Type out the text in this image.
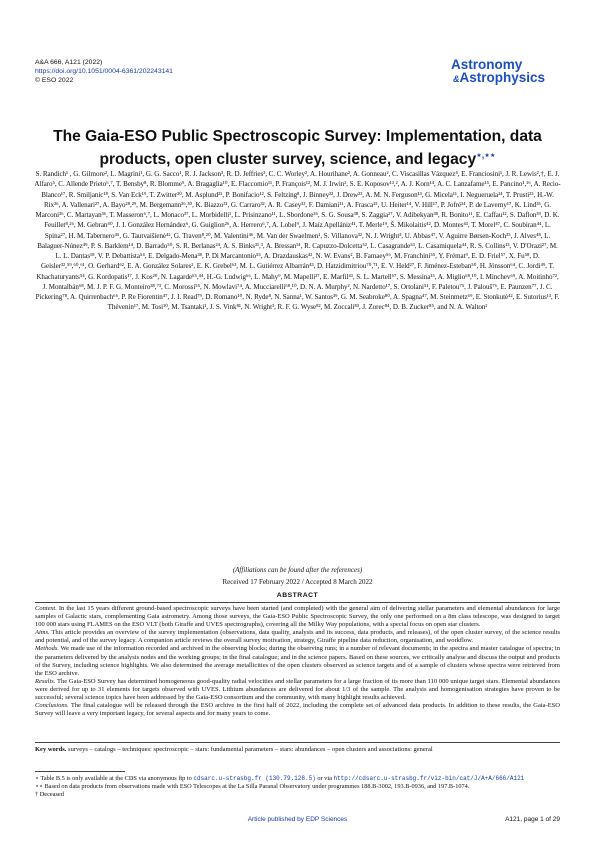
A&A 666, A121 (2022)
https://doi.org/10.1051/0004-6361/202243141
© ESO 2022
Astronomy
&Astrophysics
The Gaia-ESO Public Spectroscopic Survey: Implementation, data products, open cluster survey, science, and legacy⋆,⋆⋆
S. Randich¹ , G. Gilmore², L. Magrini¹, G. G. Sacco¹, R. J. Jackson³, R. D. Jeffries³, C. C. Worley², A. Hourihane², A. Gonneau², C. Viscasillas Vázquez⁴, E. Franciosini¹, J. R. Lewis²,†, E. J. Alfaro⁵, C. Allende Prieto⁶,⁷, T. Bensby⁸, R. Blomme⁹, A. Bragaglia¹⁰, E. Flaccomio¹¹, P. François¹², M. J. Irwin², S. E. Koposov¹³,², A. J. Korn¹⁴, A. C. Lanzafame¹⁵, E. Pancino¹,¹⁶, A. Recio-Blanco¹⁷, R. Smiljanic¹⁸, S. Van Eck¹⁹, T. Zwitter²⁰, M. Asplund²¹, P. Bonifacio¹², S. Feltzing⁸, J. Binney²², J. Drew²³, A. M. N. Ferguson¹³, G. Micela¹¹, I. Negueruela²⁴, T. Prusti²⁵, H.-W. Rix²⁶, A. Vallenari²⁷, A. Bayo²⁸,²⁹, M. Bergemann²⁶,³⁰, K. Biazzo³¹, G. Carraro³², A. R. Casey³³, F. Damiani¹¹, A. Frasca¹⁵, U. Heiter¹⁴, V. Hill¹⁷, P. Jofré³⁴, P. de Laverny¹⁷, K. Lind³⁵, G. Marconi³⁶, C. Martayan³⁶, T. Masseron⁶,⁷, L. Monaco³⁷, L. Morbidelli¹, L. Prisinzano¹¹, L. Sbordone³⁶, S. G. Sousa³⁸, S. Zaggia²⁷, V. Adibekyan³⁸, R. Bonito¹¹, E. Caffau¹², S. Daflon³⁹, D. K. Feuillet⁸,²⁶, M. Gebran⁴⁰, J. I. González Hernández⁶, G. Guiglion²⁶, A. Herrero⁶,⁷, A. Lobel⁹, J. Maíz Apellániz⁴¹, T. Merle¹⁹, Š. Mikolaitis⁴², D. Montes⁴³, T. Morel⁴⁷, C. Soubiran⁴⁴, L. Spina²⁷, H. M. Tabernero⁴⁵, G. Tautvaišienė⁴², G. Traven⁸,²⁰, M. Valentini⁴⁶, M. Van der Swaelmen¹, S. Villanova³², N. J. Wright³, U. Abbas⁴⁷, V. Aguirre Børsen-Koch³⁵, J. Alves⁴⁸, L. Balaguer-Núnez⁴⁹, P. S. Barklem¹⁴, D. Barrado⁵⁰, S. R. Berlanas²⁴, A. S. Binks³¹,³, A. Bressan⁵¹, R. Capuzzo-Dolcetta⁵², L. Casagrande⁵³, L. Casamiquela⁴⁴, R. S. Collins¹³, V. D'Orazi²⁷, M. L. L. Dantas¹⁸, V. P. Debattista⁵⁴, E. Delgado-Mena³⁸, P. Di Marcantonio⁵⁵, A. Drazdauskas⁴², N. W. Evans², B. Famaey⁵⁶, M. Franchini⁵⁵, Y. Frémat⁹, E. D. Friel⁵⁷, X. Fu⁵⁸, D. Geisler³²,⁵⁹,⁶⁰,⁶¹, O. Gerhard⁶², E. A. González Solares², E. K. Grebel⁶³, M. L. Gutiérrez Albarrán⁴³, D. Hatzidimitriou⁷⁰,⁷¹, E. V. Held²⁷, F. Jiménez-Esteban⁵⁰, H. Jönsson⁶⁴, C. Jordi⁴⁹, T. Khachaturyants⁵⁴, G. Kordopatis¹⁷, J. Kos²⁰, N. Lagarde⁶⁵,⁴⁴, H.-G. Ludwig⁶⁶, L. Mahy⁹, M. Mapelli²⁷, E. Marfil⁴³, S. L. Martell⁶⁷, S. Messina¹⁵, A. Miglio⁶⁸,¹⁰, I. Minchev⁶⁹, A. Moitinho⁷², J. Montalbán⁶⁸, M. J. P. F. G. Monteiro³⁸,⁷³, C. Morossi⁵⁵, N. Mowlavi⁷⁴, A. Mucciarelli⁶⁸,¹⁰, D. N. A. Murphy², N. Nardetto¹⁷, S. Ortolani⁵¹, F. Paletou⁷⁵, J. Palouš⁷⁶, E. Paunzen⁷⁷, J. C. Pickering⁷⁸, A. Quirrenbach⁶⁶, P. Re Fiorentin⁴⁷, J. I. Read⁷⁹, D. Romano¹⁰, N. Ryde⁸, N. Sanna¹, W. Santos³⁹, G. M. Seabroke⁸⁰, A. Spagna⁴⁷, M. Steinmetz⁶⁹, E. Stonkutė⁴², E. Sutorius¹³, F. Thévenin¹⁷, M. Tosi¹⁰, M. Tsantaki¹, J. S. Vink⁸¹, N. Wright³, R. F. G. Wyse⁸², M. Zoccali⁸³, J. Zorec⁸⁴, D. B. Zucker⁸⁵, and N. A. Walton²
(Affiliations can be found after the references)
Received 17 February 2022 / Accepted 8 March 2022
ABSTRACT

Context. In the last 15 years different ground-based spectroscopic surveys have been started (and completed) with the general aim of delivering stellar parameters and elemental abundances for large samples of Galactic stars, complementing Gaia astrometry. Among those surveys, the Gaia-ESO Public Spectroscopic Survey, the only one performed on a 8m class telescope, was designed to target 100 000 stars using FLAMES on the ESO VLT (both Giraffe and UVES spectrographs), covering all the Milky Way populations, with a special focus on open star clusters.

Aims. This article provides an overview of the survey implementation (observations, data quality, analysis and its success, data products, and releases), of the open cluster survey, of the science results and potential, and of the survey legacy. A companion article reviews the overall survey motivation, strategy, Giraffe pipeline data reduction, organisation, and workflow.

Methods. We made use of the information recorded and archived in the observing blocks; during the observing runs; in a number of relevant documents; in the spectra and master catalogue of spectra; in the parameters delivered by the analysis nodes and the working groups; in the final catalogue; and in the science papers. Based on these sources, we critically analyse and discuss the output and products of the Survey, including science highlights. We also determined the average metallicities of the open clusters observed as science targets and of a sample of clusters whose spectra were retrieved from the ESO archive.

Results. The Gaia-ESO Survey has determined homogeneous good-quality radial velocities and stellar parameters for a large fraction of its more than 110 000 unique target stars. Elemental abundances were derived for up to 31 elements for targets observed with UVES. Lithium abundances are delivered for about 1/3 of the sample. The analysis and homogenisation strategies have proven to be successful; several science topics have been addressed by the Gaia-ESO consortium and the community, with many highlight results achieved.

Conclusions. The final catalogue will be released through the ESO archive in the first half of 2022, including the complete set of advanced data products. In addition to these results, the Gaia-ESO Survey will leave a very important legacy, for several aspects and for many years to come.

Key words. surveys – catalogs – techniques: spectroscopic – stars: fundamental parameters – stars: abundances – open clusters and associations: general
⋆ Table B.5 is only available at the CDS via anonymous ftp to cdsarc.u-strasbg.fr (130.79.128.5) or via http://cdsarc.u-strasbg.fr/viz-bin/cat/J/A+A/666/A121
⋆⋆ Based on data products from observations made with ESO Telescopes at the La Silla Paranal Observatory under programmes 188.B-3002, 193.B-0936, and 197.B-1074.
† Deceased
Article published by EDP Sciences	A121, page 1 of 29
